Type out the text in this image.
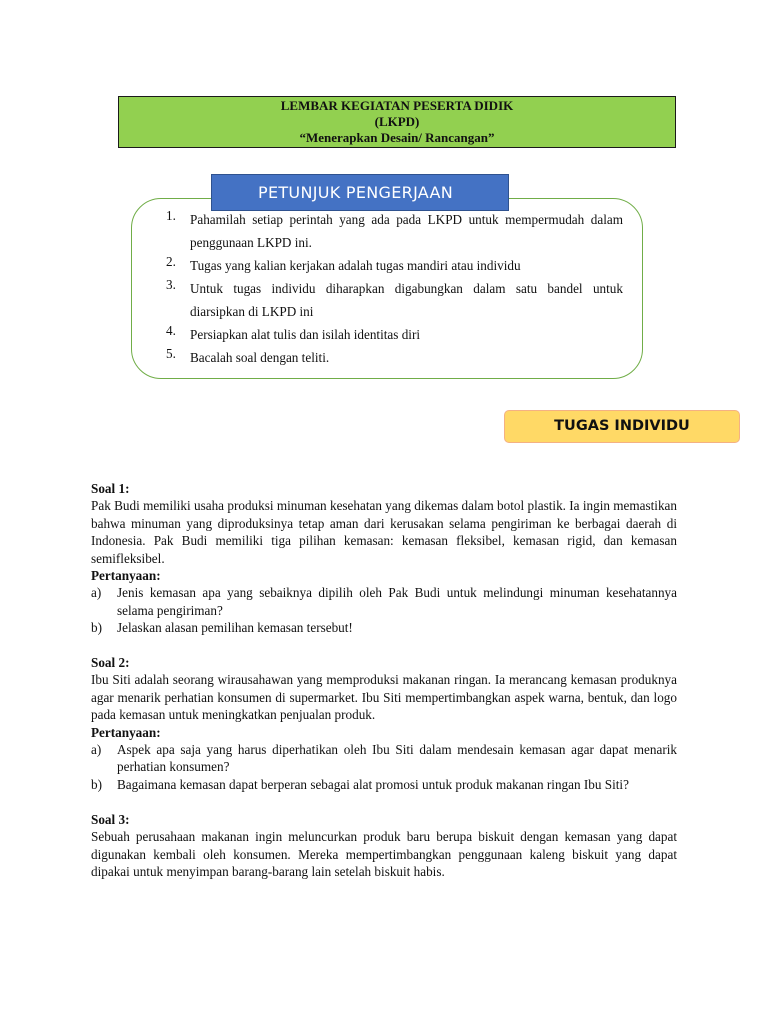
LEMBAR KEGIATAN PESERTA DIDIK
(LKPD)
“Menerapkan Desain/ Rancangan”
PETUNJUK PENGERJAAN
1.	Pahamilah setiap perintah yang ada pada LKPD untuk mempermudah dalam penggunaan LKPD ini.
2.	Tugas yang kalian kerjakan adalah tugas mandiri atau individu
3.	Untuk tugas individu diharapkan digabungkan dalam satu bandel untuk diarsipkan di LKPD ini
4.	Persiapkan alat tulis dan isilah identitas diri
5.	Bacalah soal dengan teliti.
TUGAS INDIVIDU
Soal 1:
Pak Budi memiliki usaha produksi minuman kesehatan yang dikemas dalam botol plastik. Ia ingin memastikan bahwa minuman yang diproduksinya tetap aman dari kerusakan selama pengiriman ke berbagai daerah di Indonesia. Pak Budi memiliki tiga pilihan kemasan: kemasan fleksibel, kemasan rigid, dan kemasan semifleksibel.
Pertanyaan:
a)	Jenis kemasan apa yang sebaiknya dipilih oleh Pak Budi untuk melindungi minuman kesehatannya selama pengiriman?
b)	Jelaskan alasan pemilihan kemasan tersebut!
Soal 2:
Ibu Siti adalah seorang wirausahawan yang memproduksi makanan ringan. Ia merancang kemasan produknya agar menarik perhatian konsumen di supermarket. Ibu Siti mempertimbangkan aspek warna, bentuk, dan logo pada kemasan untuk meningkatkan penjualan produk.
Pertanyaan:
a)	Aspek apa saja yang harus diperhatikan oleh Ibu Siti dalam mendesain kemasan agar dapat menarik perhatian konsumen?
b)	Bagaimana kemasan dapat berperan sebagai alat promosi untuk produk makanan ringan Ibu Siti?
Soal 3:
Sebuah perusahaan makanan ingin meluncurkan produk baru berupa biskuit dengan kemasan yang dapat digunakan kembali oleh konsumen. Mereka mempertimbangkan penggunaan kaleng biskuit yang dapat dipakai untuk menyimpan barang-barang lain setelah biskuit habis.
